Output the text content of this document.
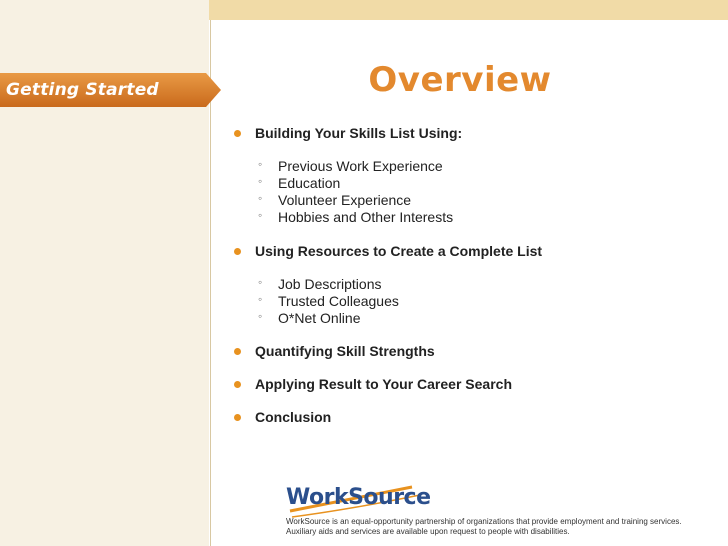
Getting Started	Overview
Building Your Skills List Using:
◦ Previous Work Experience
◦ Education
◦ Volunteer Experience
◦ Hobbies and Other Interests
Using Resources to Create a Complete List
◦ Job Descriptions
◦ Trusted Colleagues
◦ O*Net Online
Quantifying Skill Strengths
Applying Result to Your Career Search
Conclusion
WorkSource
WorkSource is an equal-opportunity partnership of organizations that provide employment and training services.
Auxiliary aids and services are available upon request to people with disabilities.
